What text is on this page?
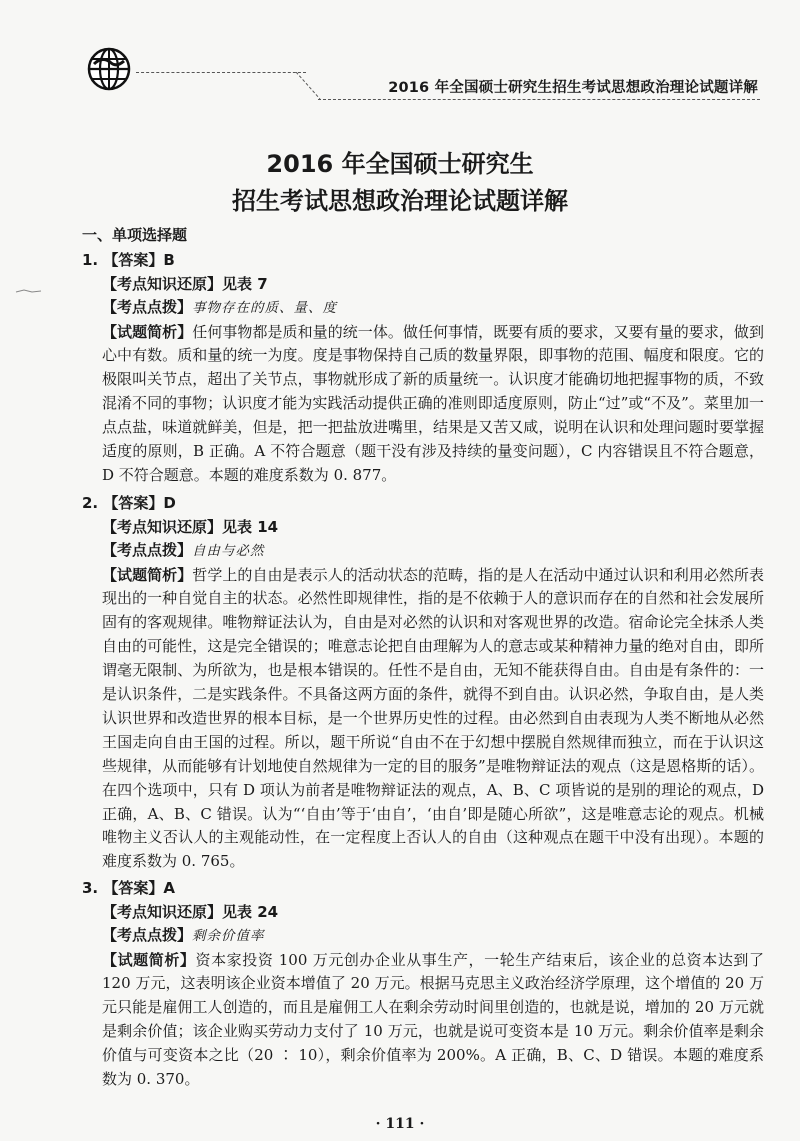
2016 年全国硕士研究生招生考试思想政治理论试题详解
2016 年全国硕士研究生
招生考试思想政治理论试题详解
一、单项选择题
1. 【答案】B
【考点知识还原】见表 7
【考点点拨】事物存在的质、量、度
【试题简析】任何事物都是质和量的统一体。做任何事情，既要有质的要求，又要有量的要求，做到心中有数。质和量的统一为度。度是事物保持自己质的数量界限，即事物的范围、幅度和限度。它的极限叫关节点，超出了关节点，事物就形成了新的质量统一。认识度才能确切地把握事物的质，不致混淆不同的事物；认识度才能为实践活动提供正确的准则即适度原则，防止“过”或“不及”。菜里加一点点盐，味道就鲜美，但是，把一把盐放进嘴里，结果是又苦又咸，说明在认识和处理问题时要掌握适度的原则，B 正确。A 不符合题意（题干没有涉及持续的量变问题），C 内容错误且不符合题意，D 不符合题意。本题的难度系数为 0. 877。
2. 【答案】D
【考点知识还原】见表 14
【考点点拨】自由与必然
【试题简析】哲学上的自由是表示人的活动状态的范畴，指的是人在活动中通过认识和利用必然所表现出的一种自觉自主的状态。必然性即规律性，指的是不依赖于人的意识而存在的自然和社会发展所固有的客观规律。唯物辩证法认为，自由是对必然的认识和对客观世界的改造。宿命论完全抹杀人类自由的可能性，这是完全错误的；唯意志论把自由理解为人的意志或某种精神力量的绝对自由，即所谓毫无限制、为所欲为，也是根本错误的。任性不是自由，无知不能获得自由。自由是有条件的：一是认识条件，二是实践条件。不具备这两方面的条件，就得不到自由。认识必然，争取自由，是人类认识世界和改造世界的根本目标，是一个世界历史性的过程。由必然到自由表现为人类不断地从必然王国走向自由王国的过程。所以，题干所说“自由不在于幻想中摆脱自然规律而独立，而在于认识这些规律，从而能够有计划地使自然规律为一定的目的服务”是唯物辩证法的观点（这是恩格斯的话）。在四个选项中，只有 D 项认为前者是唯物辩证法的观点，A、B、C 项皆说的是别的理论的观点，D 正确，A、B、C 错误。认为“‘自由’等于‘由自’，‘由自’即是随心所欲”，这是唯意志论的观点。机械唯物主义否认人的主观能动性，在一定程度上否认人的自由（这种观点在题干中没有出现）。本题的难度系数为 0. 765。
3. 【答案】A
【考点知识还原】见表 24
【考点点拨】剩余价值率
【试题简析】资本家投资 100 万元创办企业从事生产，一轮生产结束后，该企业的总资本达到了 120 万元，这表明该企业资本增值了 20 万元。根据马克思主义政治经济学原理，这个增值的 20 万元只能是雇佣工人创造的，而且是雇佣工人在剩余劳动时间里创造的，也就是说，增加的 20 万元就是剩余价值；该企业购买劳动力支付了 10 万元，也就是说可变资本是 10 万元。剩余价值率是剩余价值与可变资本之比（20 ∶ 10），剩余价值率为 200%。A 正确，B、C、D 错误。本题的难度系数为 0. 370。
· 111 ·
